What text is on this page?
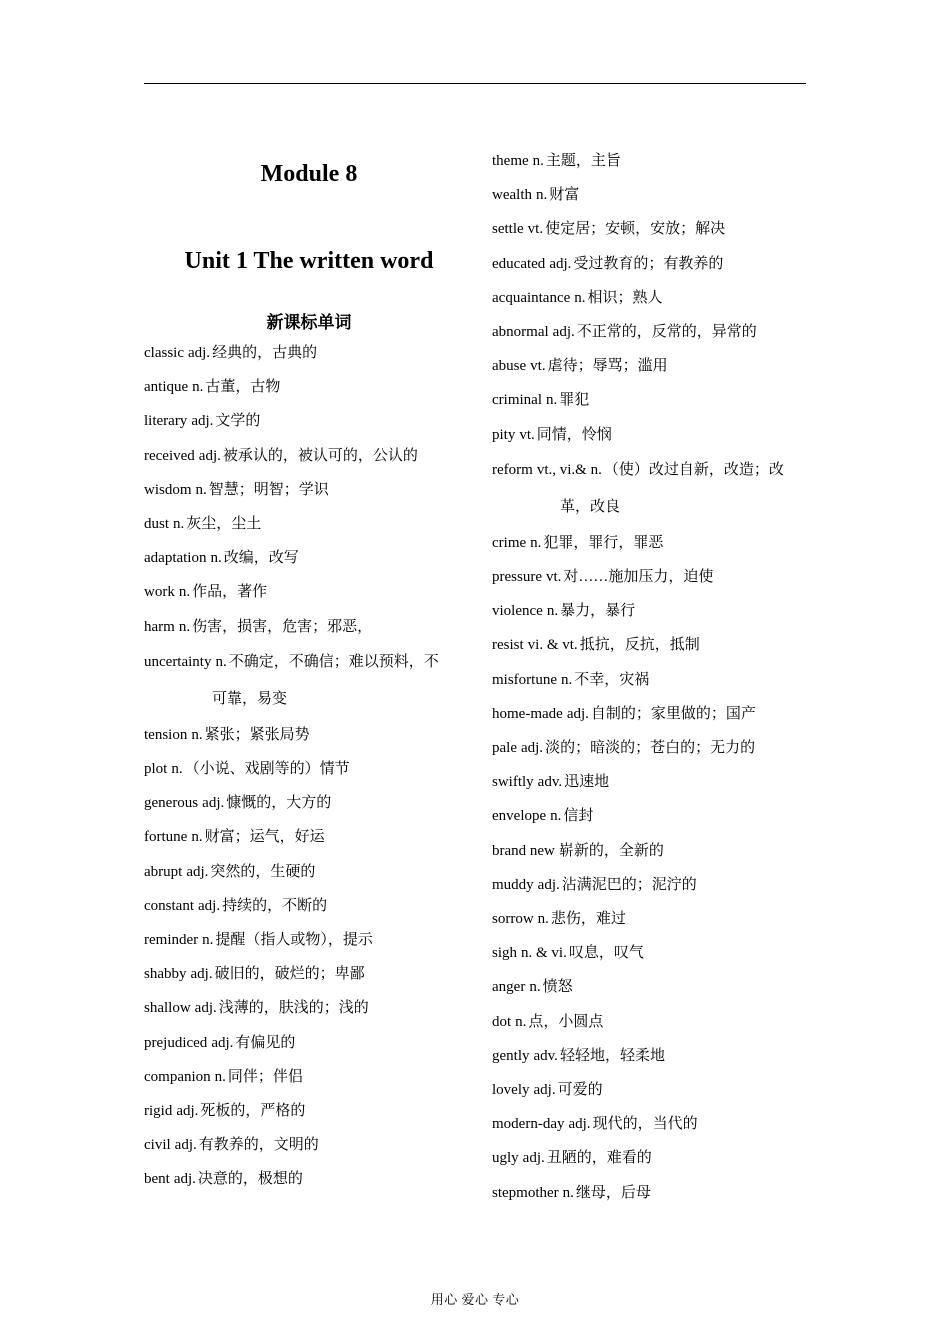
Module 8
Unit 1 The written word
新课标单词
classic adj. 经典的，古典的
antique n. 古董，古物
literary adj. 文学的
received adj. 被承认的，被认可的，公认的
wisdom n. 智慧；明智；学识
dust n. 灰尘，尘土
adaptation n. 改编，改写
work n. 作品，著作
harm n. 伤害，损害，危害；邪恶，
uncertainty n. 不确定，不确信；难以预料，不
可靠，易变
tension n. 紧张；紧张局势
plot n. （小说、戏剧等的）情节
generous adj. 慷慨的，大方的
fortune n. 财富；运气，好运
abrupt adj. 突然的，生硬的
constant adj. 持续的，不断的
reminder n. 提醒（指人或物），提示
shabby adj. 破旧的，破烂的；卑鄙
shallow adj. 浅薄的，肤浅的；浅的
prejudiced adj. 有偏见的
companion n. 同伴；伴侣
rigid adj. 死板的，严格的
civil adj. 有教养的，文明的
bent adj. 决意的，极想的
theme n. 主题，主旨
wealth n. 财富
settle vt. 使定居；安顿，安放；解决
educated adj. 受过教育的；有教养的
acquaintance n. 相识；熟人
abnormal adj. 不正常的，反常的，异常的
abuse vt. 虐待；辱骂；滥用
criminal n. 罪犯
pity vt. 同情，怜悯
reform vt., vi.& n. （使）改过自新，改造；改
革，改良
crime n. 犯罪，罪行，罪恶
pressure vt. 对……施加压力，迫使
violence n. 暴力，暴行
resist vi. & vt. 抵抗，反抗，抵制
misfortune n. 不幸，灾祸
home-made adj. 自制的；家里做的；国产
pale adj. 淡的；暗淡的；苍白的；无力的
swiftly adv. 迅速地
envelope n. 信封
brand new 崭新的，全新的
muddy adj. 沾满泥巴的；泥泞的
sorrow n. 悲伤，难过
sigh n. & vi. 叹息，叹气
anger n. 愤怒
dot n. 点，小圆点
gently adv. 轻轻地，轻柔地
lovely adj. 可爱的
modern-day adj. 现代的，当代的
ugly adj. 丑陋的，难看的
stepmother n. 继母，后母
用心 爱心 专心
